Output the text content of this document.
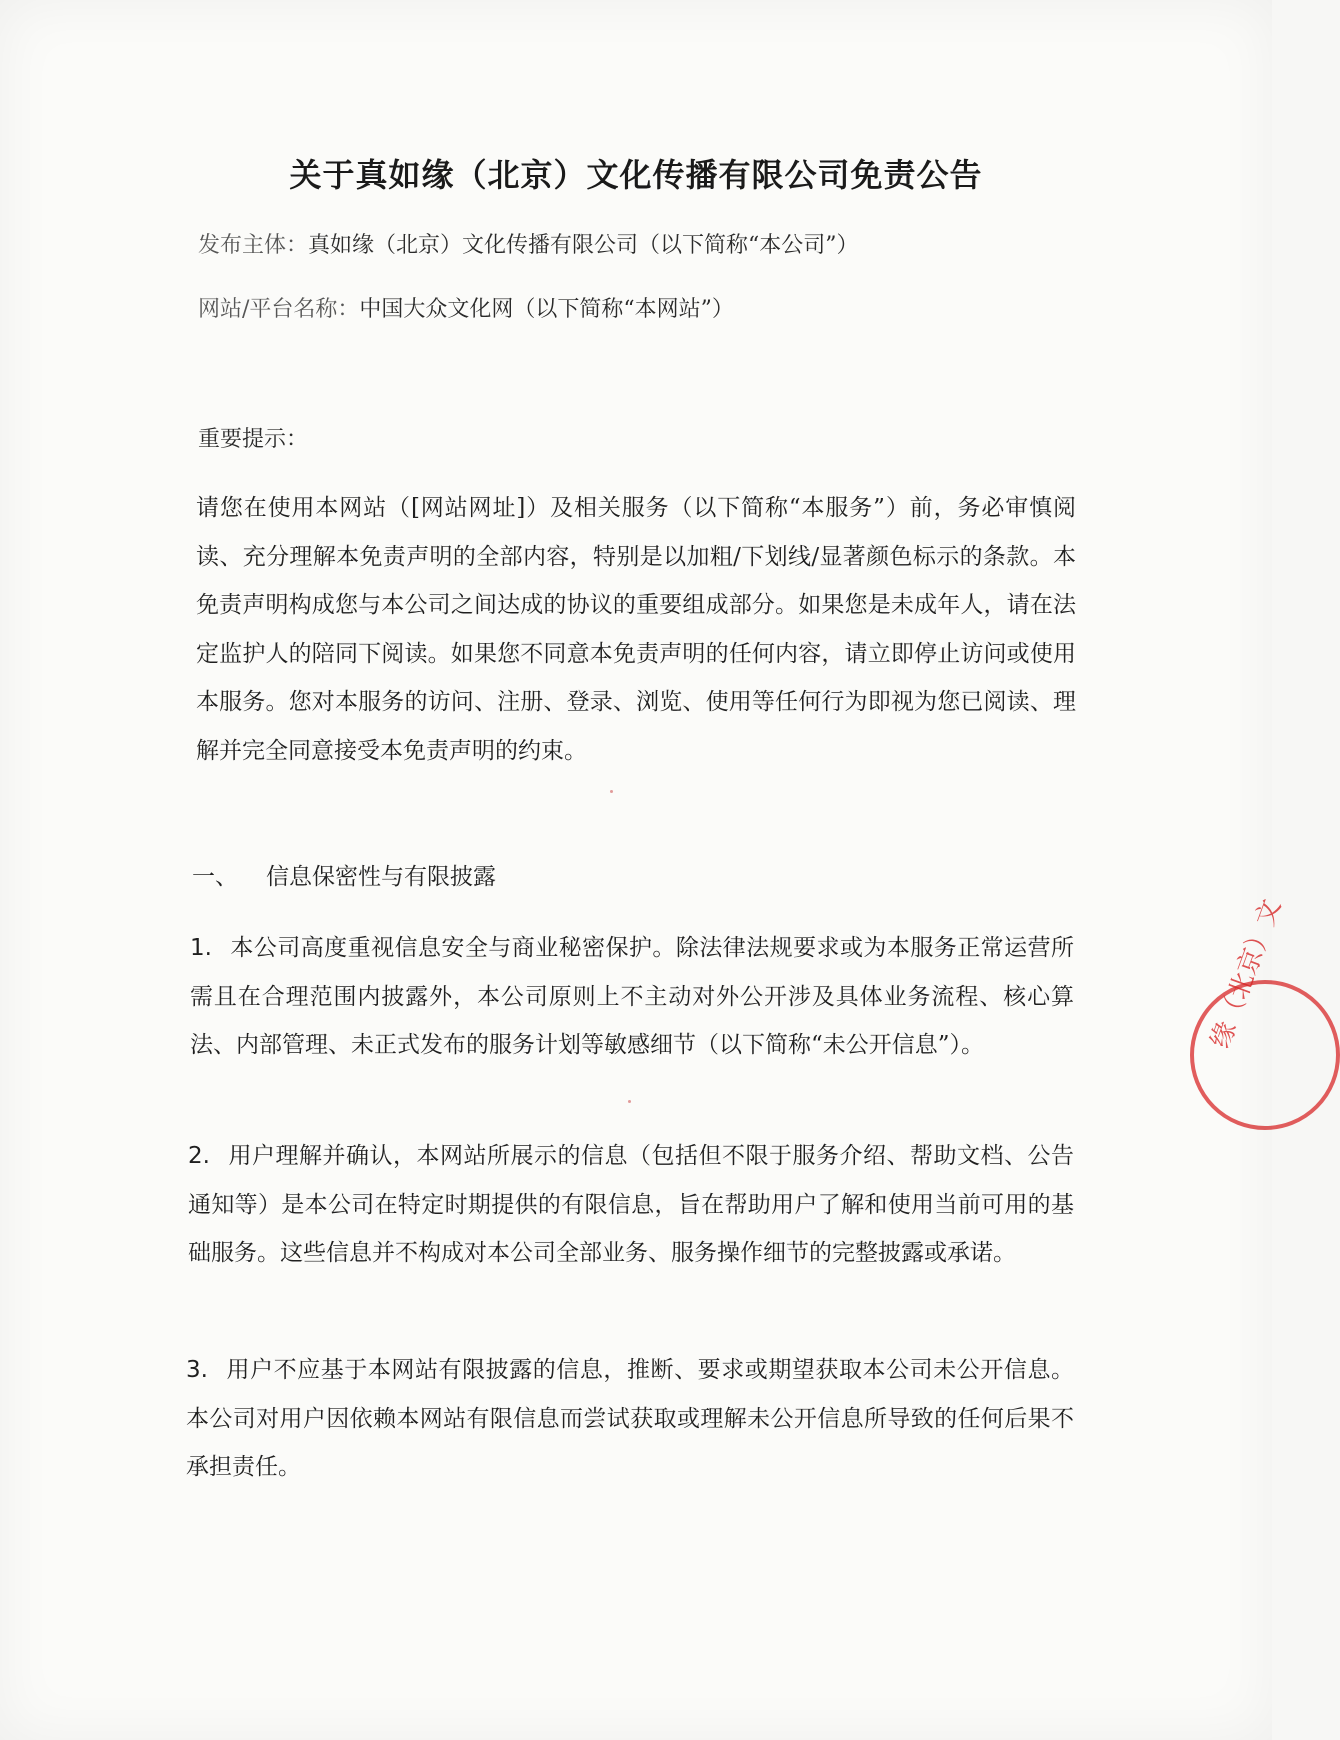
关于真如缘（北京）文化传播有限公司免责公告
发布主体：真如缘（北京）文化传播有限公司（以下简称“本公司”）
网站/平台名称：中国大众文化网（以下简称“本网站”）
重要提示：
请您在使用本网站（[网站网址]）及相关服务（以下简称“本服务”）前，务必审慎阅读、充分理解本免责声明的全部内容，特别是以加粗/下划线/显著颜色标示的条款。本免责声明构成您与本公司之间达成的协议的重要组成部分。如果您是未成年人，请在法定监护人的陪同下阅读。如果您不同意本免责声明的任何内容，请立即停止访问或使用本服务。您对本服务的访问、注册、登录、浏览、使用等任何行为即视为您已阅读、理解并完全同意接受本免责声明的约束。
一、 信息保密性与有限披露
1. 本公司高度重视信息安全与商业秘密保护。除法律法规要求或为本服务正常运营所需且在合理范围内披露外，本公司原则上不主动对外公开涉及具体业务流程、核心算法、内部管理、未正式发布的服务计划等敏感细节（以下简称“未公开信息”）。
2. 用户理解并确认，本网站所展示的信息（包括但不限于服务介绍、帮助文档、公告通知等）是本公司在特定时期提供的有限信息，旨在帮助用户了解和使用当前可用的基础服务。这些信息并不构成对本公司全部业务、服务操作细节的完整披露或承诺。
3. 用户不应基于本网站有限披露的信息，推断、要求或期望获取本公司未公开信息。 本公司对用户因依赖本网站有限信息而尝试获取或理解未公开信息所导致的任何后果不承担责任。
缘（北京）文
